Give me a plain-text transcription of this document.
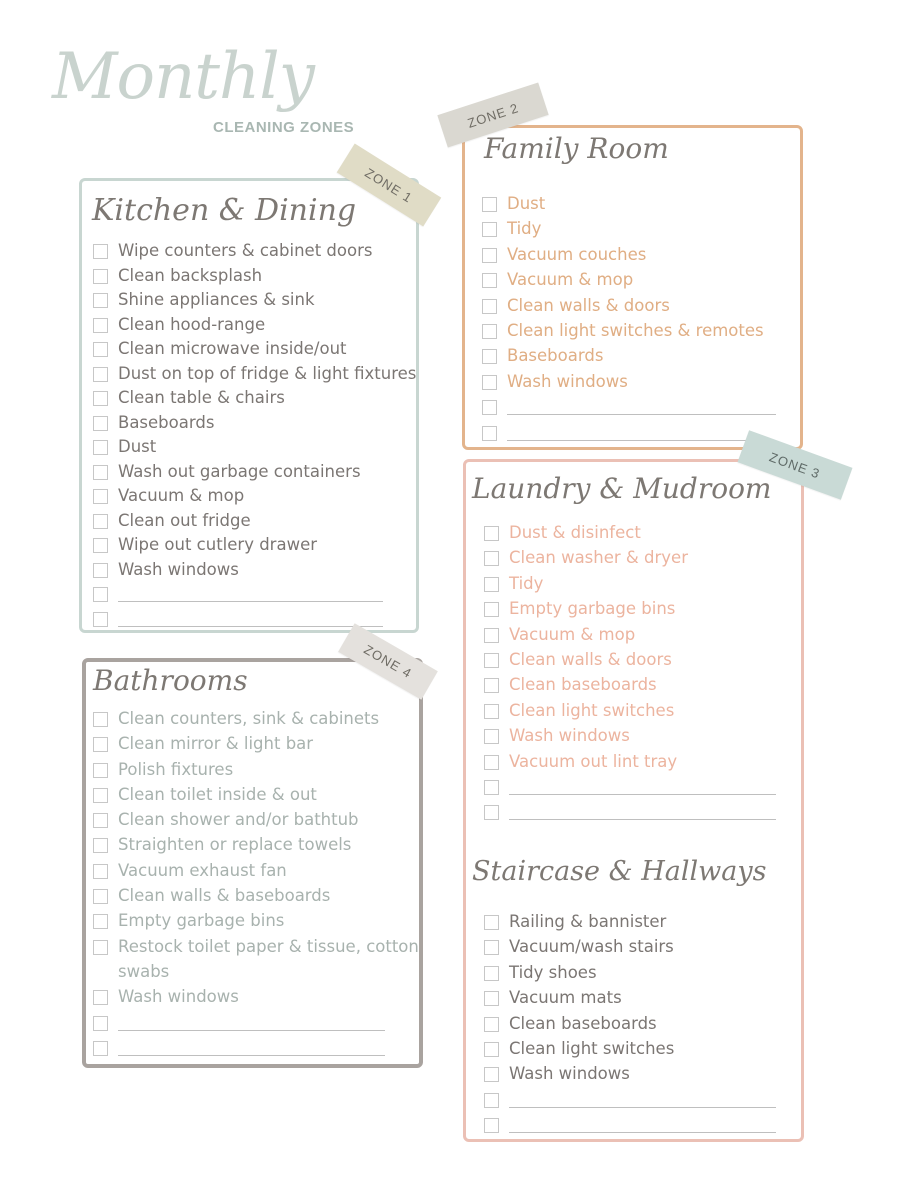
Monthly
CLEANING ZONES
Kitchen & Dining
ZONE 1
Wipe counters & cabinet doors
Clean backsplash
Shine appliances & sink
Clean hood-range
Clean microwave inside/out
Dust on top of fridge & light fixtures
Clean table & chairs
Baseboards
Dust
Wash out garbage containers
Vacuum & mop
Clean out fridge
Wipe out cutlery drawer
Wash windows
Family Room
ZONE 2
Dust
Tidy
Vacuum couches
Vacuum & mop
Clean walls & doors
Clean light switches & remotes
Baseboards
Wash windows
Laundry & Mudroom
ZONE 3
Dust & disinfect
Clean washer & dryer
Tidy
Empty garbage bins
Vacuum & mop
Clean walls & doors
Clean baseboards
Clean light switches
Wash windows
Vacuum out lint tray
Staircase & Hallways
Railing & bannister
Vacuum/wash stairs
Tidy shoes
Vacuum mats
Clean baseboards
Clean light switches
Wash windows
Bathrooms	ZONE 4
Clean counters, sink & cabinets
Clean mirror & light bar
Polish fixtures
Clean toilet inside & out
Clean shower and/or bathtub
Straighten or replace towels
Vacuum exhaust fan
Clean walls & baseboards
Empty garbage bins
Restock toilet paper & tissue, cotton
swabs
Wash windows
